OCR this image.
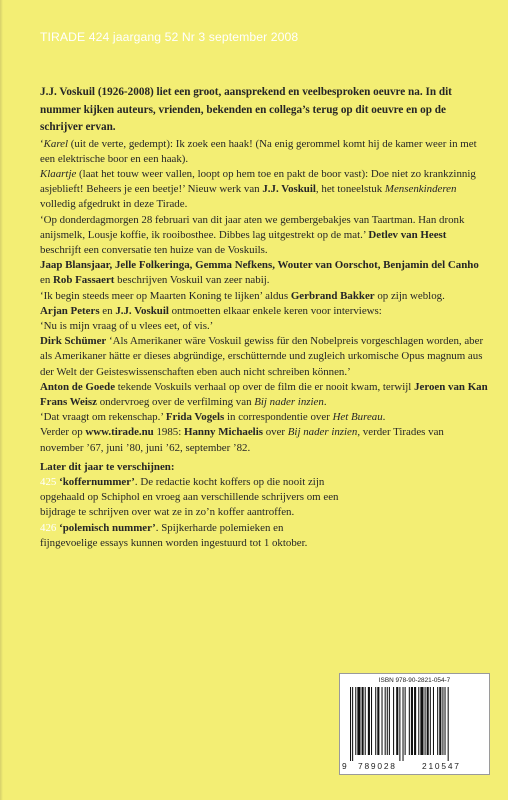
TIRADE 424 jaargang 52 Nr 3 september 2008

J.J. Voskuil (1926-2008) liet een groot, aansprekend en veelbesproken oeuvre na. In dit nummer kijken auteurs, vrienden, bekenden en collega’s terug op dit oeuvre en op de schrijver ervan.

‘Karel (uit de verte, gedempt): Ik zoek een haak! (Na enig gerommel komt hij de kamer weer in met een elektrische boor en een haak).
Klaartje (laat het touw weer vallen, loopt op hem toe en pakt de boor vast): Doe niet zo krankzinnig asjeblieft! Beheers je een beetje!’ Nieuw werk van J.J. Voskuil, het toneelstuk Mensenkinderen volledig afgedrukt in deze Tirade.

‘Op donderdagmorgen 28 februari van dit jaar aten we gembergebakjes van Taartman. Han dronk anijsmelk, Lousje koffie, ik rooibosthee. Dibbes lag uitgestrekt op de mat.’ Detlev van Heest beschrijft een conversatie ten huize van de Voskuils.

Jaap Blansjaar, Jelle Folkeringa, Gemma Nefkens, Wouter van Oorschot, Benjamin del Canho en Rob Fassaert beschrijven Voskuil van zeer nabij.
‘Ik begin steeds meer op Maarten Koning te lijken’ aldus Gerbrand Bakker op zijn weblog.

Arjan Peters en J.J. Voskuil ontmoetten elkaar enkele keren voor interviews:
‘Nu is mijn vraag of u vlees eet, of vis.’

Dirk Schümer ‘Als Amerikaner wäre Voskuil gewiss für den Nobelpreis vorgeschlagen worden, aber als Amerikaner hätte er dieses abgründige, erschütternde und zugleich urkomische Opus magnum aus der Welt der Geisteswissenschaften eben auch nicht schreiben können.’

Anton de Goede tekende Voskuils verhaal op over de film die er nooit kwam, terwijl Jeroen van Kan Frans Weisz ondervroeg over de verfilming van Bij nader inzien.

‘Dat vraagt om rekenschap.’ Frida Vogels in correspondentie over Het Bureau.

Verder op www.tirade.nu 1985: Hanny Michaelis over Bij nader inzien, verder Tirades van november ’67, juni ’80, juni ’62, september ’82.

Later dit jaar te verschijnen:
425 ‘koffernummer’. De redactie kocht koffers op die nooit zijn opgehaald op Schiphol en vroeg aan verschillende schrijvers om een bijdrage te schrijven over wat ze in zo’n koffer aantroffen.
426 ‘polemisch nummer’. Spijkerharde polemieken en fijngevoelige essays kunnen worden ingestuurd tot 1 oktober.
ISBN 978-90-2821-054-7
9 789028	210547
